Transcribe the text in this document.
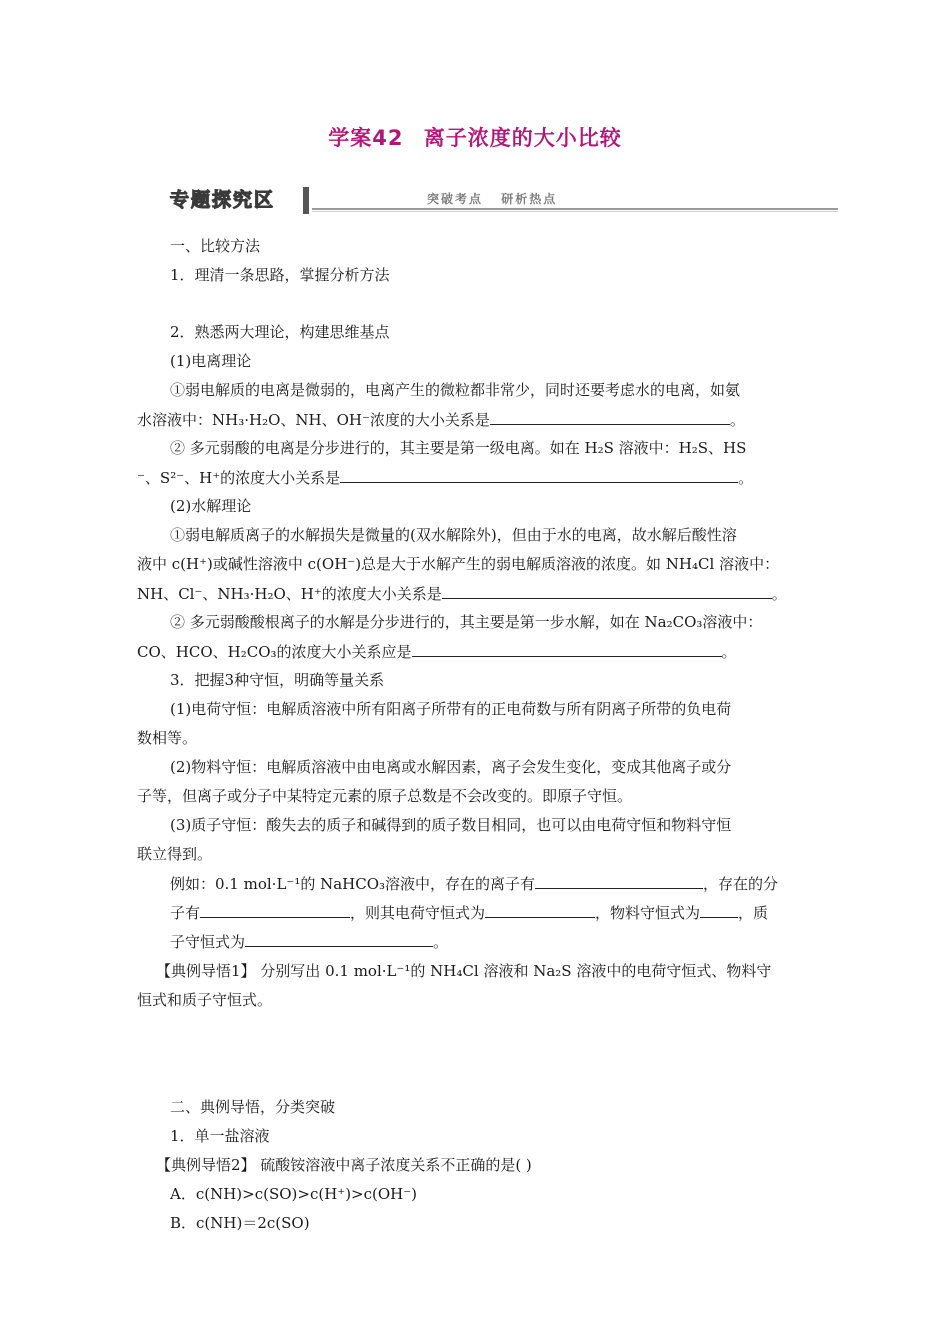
学案42 离子浓度的大小比较
专题探究区	突破考点 研析热点
一、比较方法
1．理清一条思路，掌握分析方法
2．熟悉两大理论，构建思维基点
(1)电离理论
①弱电解质的电离是微弱的，电离产生的微粒都非常少，同时还要考虑水的电离，如氨
水溶液中：NH₃·H₂O、NH、OH⁻浓度的大小关系是	。
② 多元弱酸的电离是分步进行的，其主要是第一级电离。如在 H₂S 溶液中：H₂S、HS
⁻、S²⁻、H⁺的浓度大小关系是	。
(2)水解理论
①弱电解质离子的水解损失是微量的(双水解除外)，但由于水的电离，故水解后酸性溶
液中 c(H⁺)或碱性溶液中 c(OH⁻)总是大于水解产生的弱电解质溶液的浓度。如 NH₄Cl 溶液中：
NH、Cl⁻、NH₃·H₂O、H⁺的浓度大小关系是	。
② 多元弱酸酸根离子的水解是分步进行的，其主要是第一步水解，如在 Na₂CO₃溶液中：
CO、HCO、H₂CO₃的浓度大小关系应是	。
3．把握3种守恒，明确等量关系
(1)电荷守恒：电解质溶液中所有阳离子所带有的正电荷数与所有阴离子所带的负电荷
数相等。
(2)物料守恒：电解质溶液中由电离或水解因素，离子会发生变化，变成其他离子或分
子等，但离子或分子中某特定元素的原子总数是不会改变的。即原子守恒。
(3)质子守恒：酸失去的质子和碱得到的质子数目相同，也可以由电荷守恒和物料守恒
联立得到。
例如：0.1 mol·L⁻¹的 NaHCO₃溶液中，存在的离子有	，存在的分
子有	，则其电荷守恒式为	，物料守恒式为	，质
子守恒式为	。
【典例导悟1】 分别写出 0.1 mol·L⁻¹的 NH₄Cl 溶液和 Na₂S 溶液中的电荷守恒式、物料守
恒式和质子守恒式。
二、典例导悟，分类突破
1．单一盐溶液
【典例导悟2】 硫酸铵溶液中离子浓度关系不正确的是( )
A．c(NH)>c(SO)>c(H⁺)>c(OH⁻)
B．c(NH)＝2c(SO)
